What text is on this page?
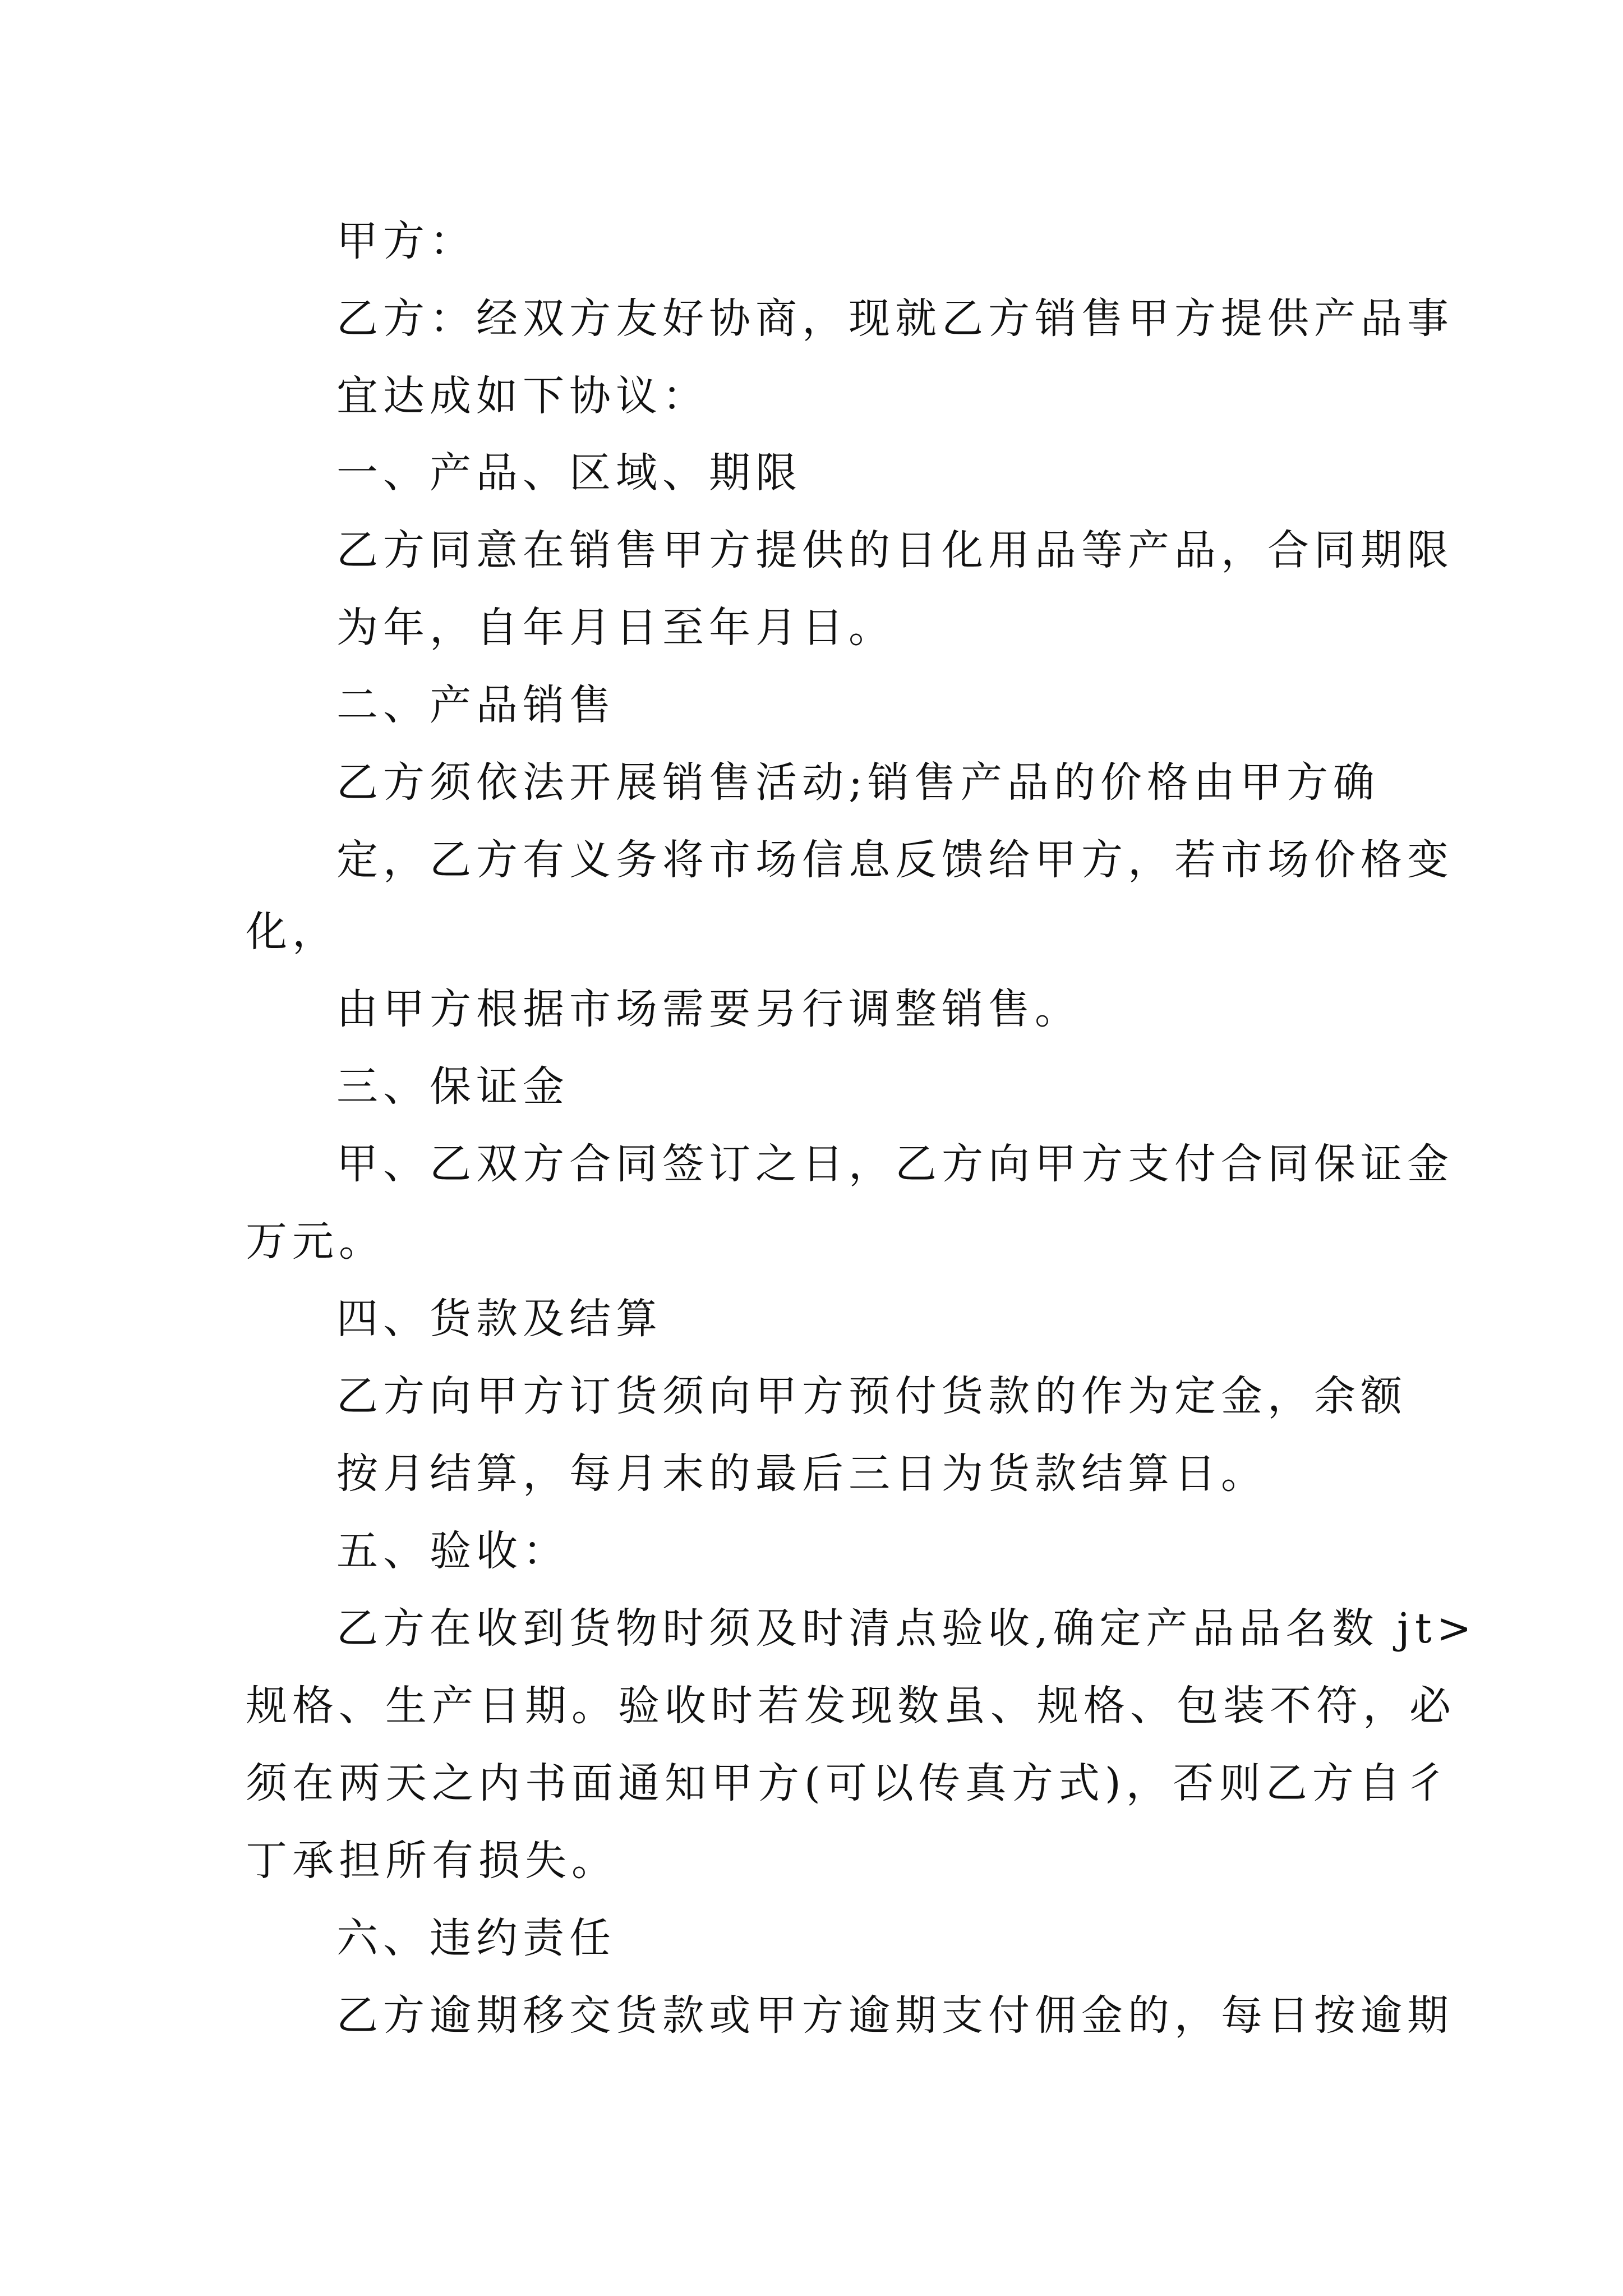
甲方：

乙方：经双方友好协商，现就乙方销售甲方提供产品事

宜达成如下协议：

一、产品、区域、期限

乙方同意在销售甲方提供的日化用品等产品，合同期限

为年，自年月日至年月日。

二、产品销售

乙方须依法开展销售活动;销售产品的价格由甲方确

定，乙方有义务将市场信息反馈给甲方，若市场价格变

化，

由甲方根据市场需要另行调整销售。

三、保证金

甲、乙双方合同签订之日，乙方向甲方支付合同保证金

万元。

四、货款及结算

乙方向甲方订货须向甲方预付货款的作为定金，余额

按月结算，每月末的最后三日为货款结算日。

五、验收：

乙方在收到货物时须及时清点验收,确定产品品名数 jt>

规格、生产日期。验收时若发现数虽、规格、包装不符，必

须在两天之内书面通知甲方(可以传真方式)，否则乙方自彳

丁承担所有损失。

六、违约责任

乙方逾期移交货款或甲方逾期支付佣金的，每日按逾期
